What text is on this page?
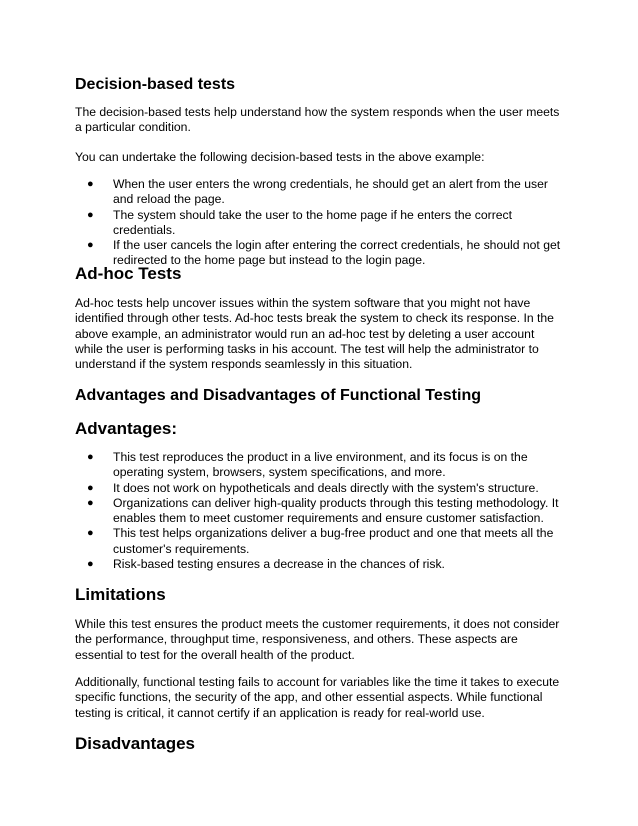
Decision-based tests

The decision-based tests help understand how the system responds when the user meets a particular condition.

You can undertake the following decision-based tests in the above example:

● When the user enters the wrong credentials, he should get an alert from the user and reload the page.
● The system should take the user to the home page if he enters the correct credentials.
● If the user cancels the login after entering the correct credentials, he should not get redirected to the home page but instead to the login page.
Ad-hoc Tests

Ad-hoc tests help uncover issues within the system software that you might not have identified through other tests. Ad-hoc tests break the system to check its response. In the above example, an administrator would run an ad-hoc test by deleting a user account while the user is performing tasks in his account. The test will help the administrator to understand if the system responds seamlessly in this situation.

Advantages and Disadvantages of Functional Testing
Advantages:
● This test reproduces the product in a live environment, and its focus is on the operating system, browsers, system specifications, and more.
● It does not work on hypotheticals and deals directly with the system's structure.
● Organizations can deliver high-quality products through this testing methodology. It enables them to meet customer requirements and ensure customer satisfaction.
● This test helps organizations deliver a bug-free product and one that meets all the customer's requirements.
● Risk-based testing ensures a decrease in the chances of risk.
Limitations

While this test ensures the product meets the customer requirements, it does not consider the performance, throughput time, responsiveness, and others. These aspects are essential to test for the overall health of the product.

Additionally, functional testing fails to account for variables like the time it takes to execute specific functions, the security of the app, and other essential aspects. While functional testing is critical, it cannot certify if an application is ready for real-world use.

Disadvantages
